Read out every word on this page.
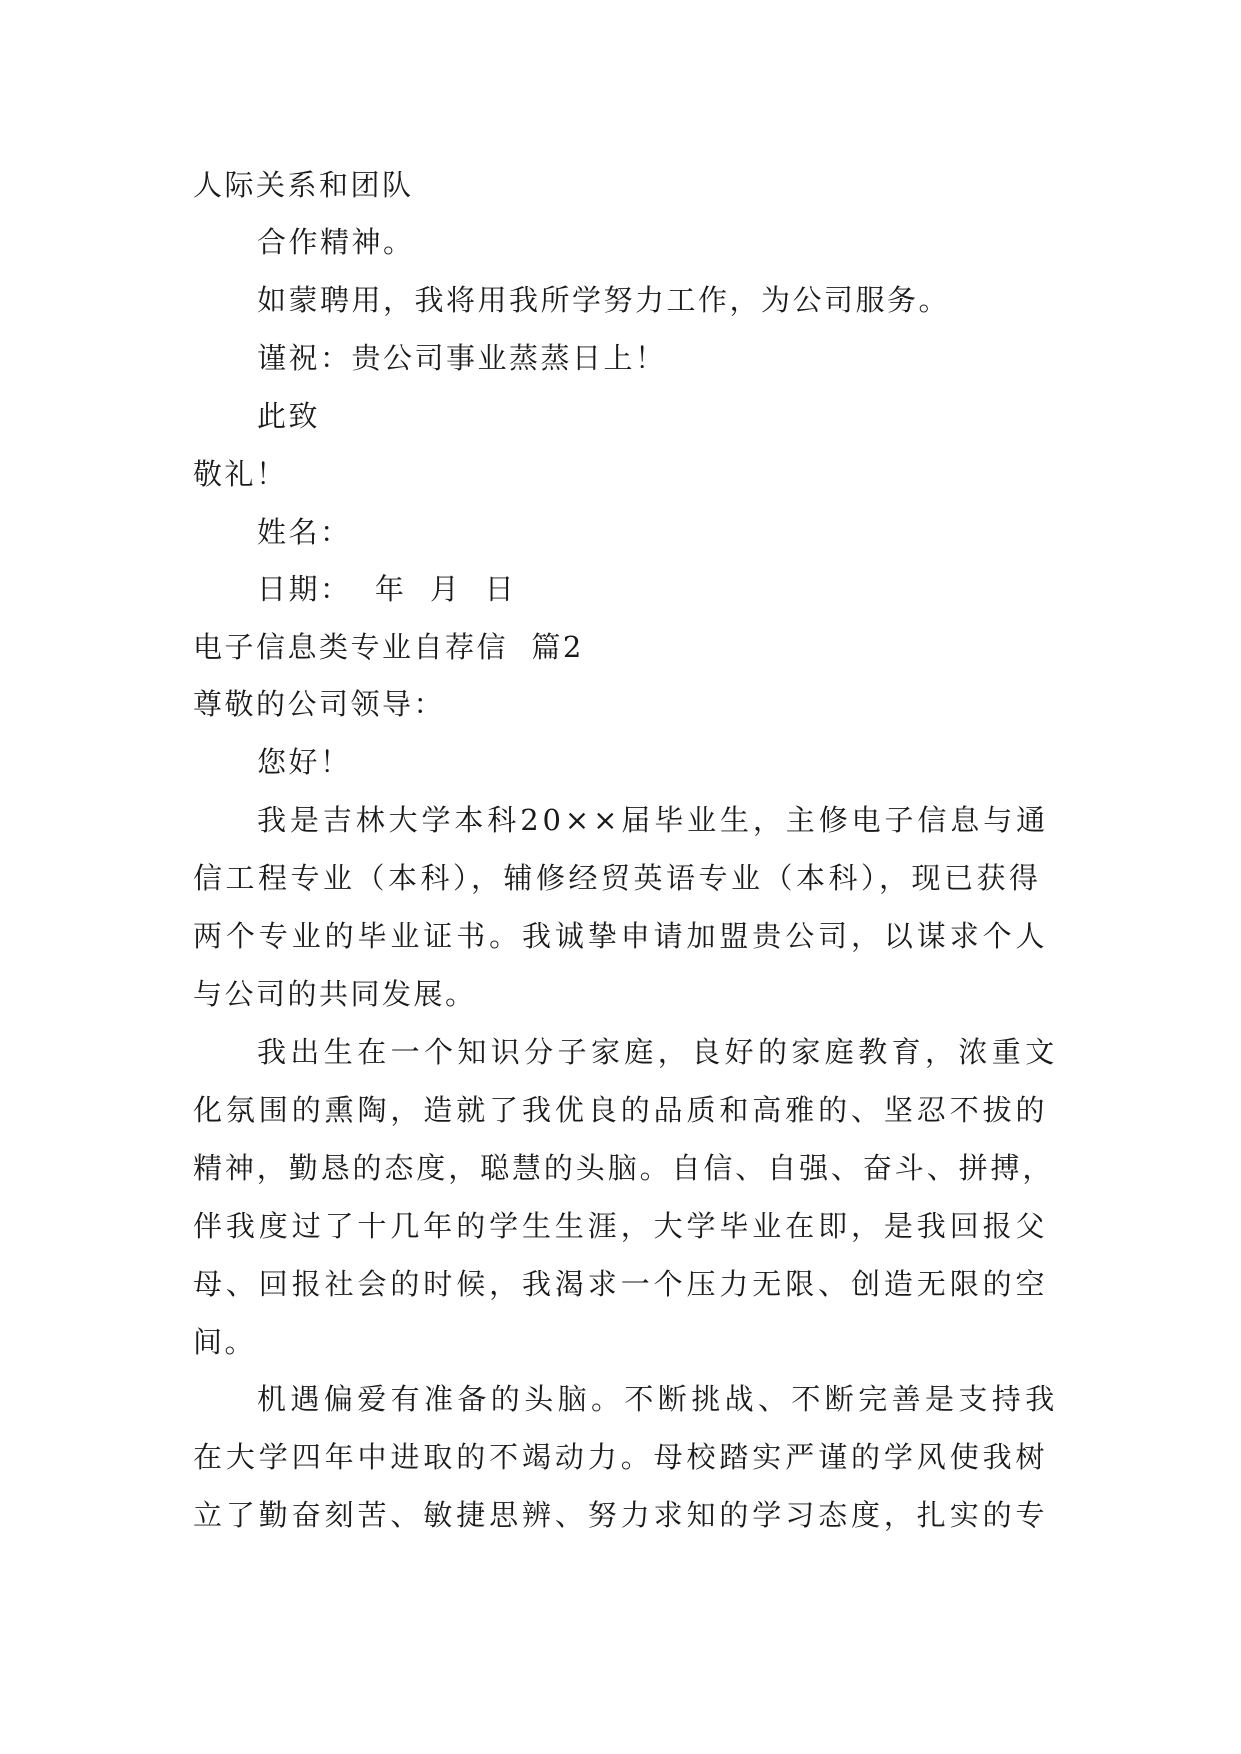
人际关系和团队
合作精神。
如蒙聘用，我将用我所学努力工作，为公司服务。
谨祝：贵公司事业蒸蒸日上！
此致
敬礼！
姓名：
日期：  年  月  日
电子信息类专业自荐信  篇2
尊敬的公司领导：
您好！
我是吉林大学本科20××届毕业生，主修电子信息与通
信工程专业（本科），辅修经贸英语专业（本科），现已获得
两个专业的毕业证书。我诚挚申请加盟贵公司，以谋求个人
与公司的共同发展。
我出生在一个知识分子家庭，良好的家庭教育，浓重文
化氛围的熏陶，造就了我优良的品质和高雅的、坚忍不拔的
精神，勤恳的态度，聪慧的头脑。自信、自强、奋斗、拼搏，
伴我度过了十几年的学生生涯，大学毕业在即，是我回报父
母、回报社会的时候，我渴求一个压力无限、创造无限的空
间。
机遇偏爱有准备的头脑。不断挑战、不断完善是支持我
在大学四年中进取的不竭动力。母校踏实严谨的学风使我树
立了勤奋刻苦、敏捷思辨、努力求知的学习态度，扎实的专
